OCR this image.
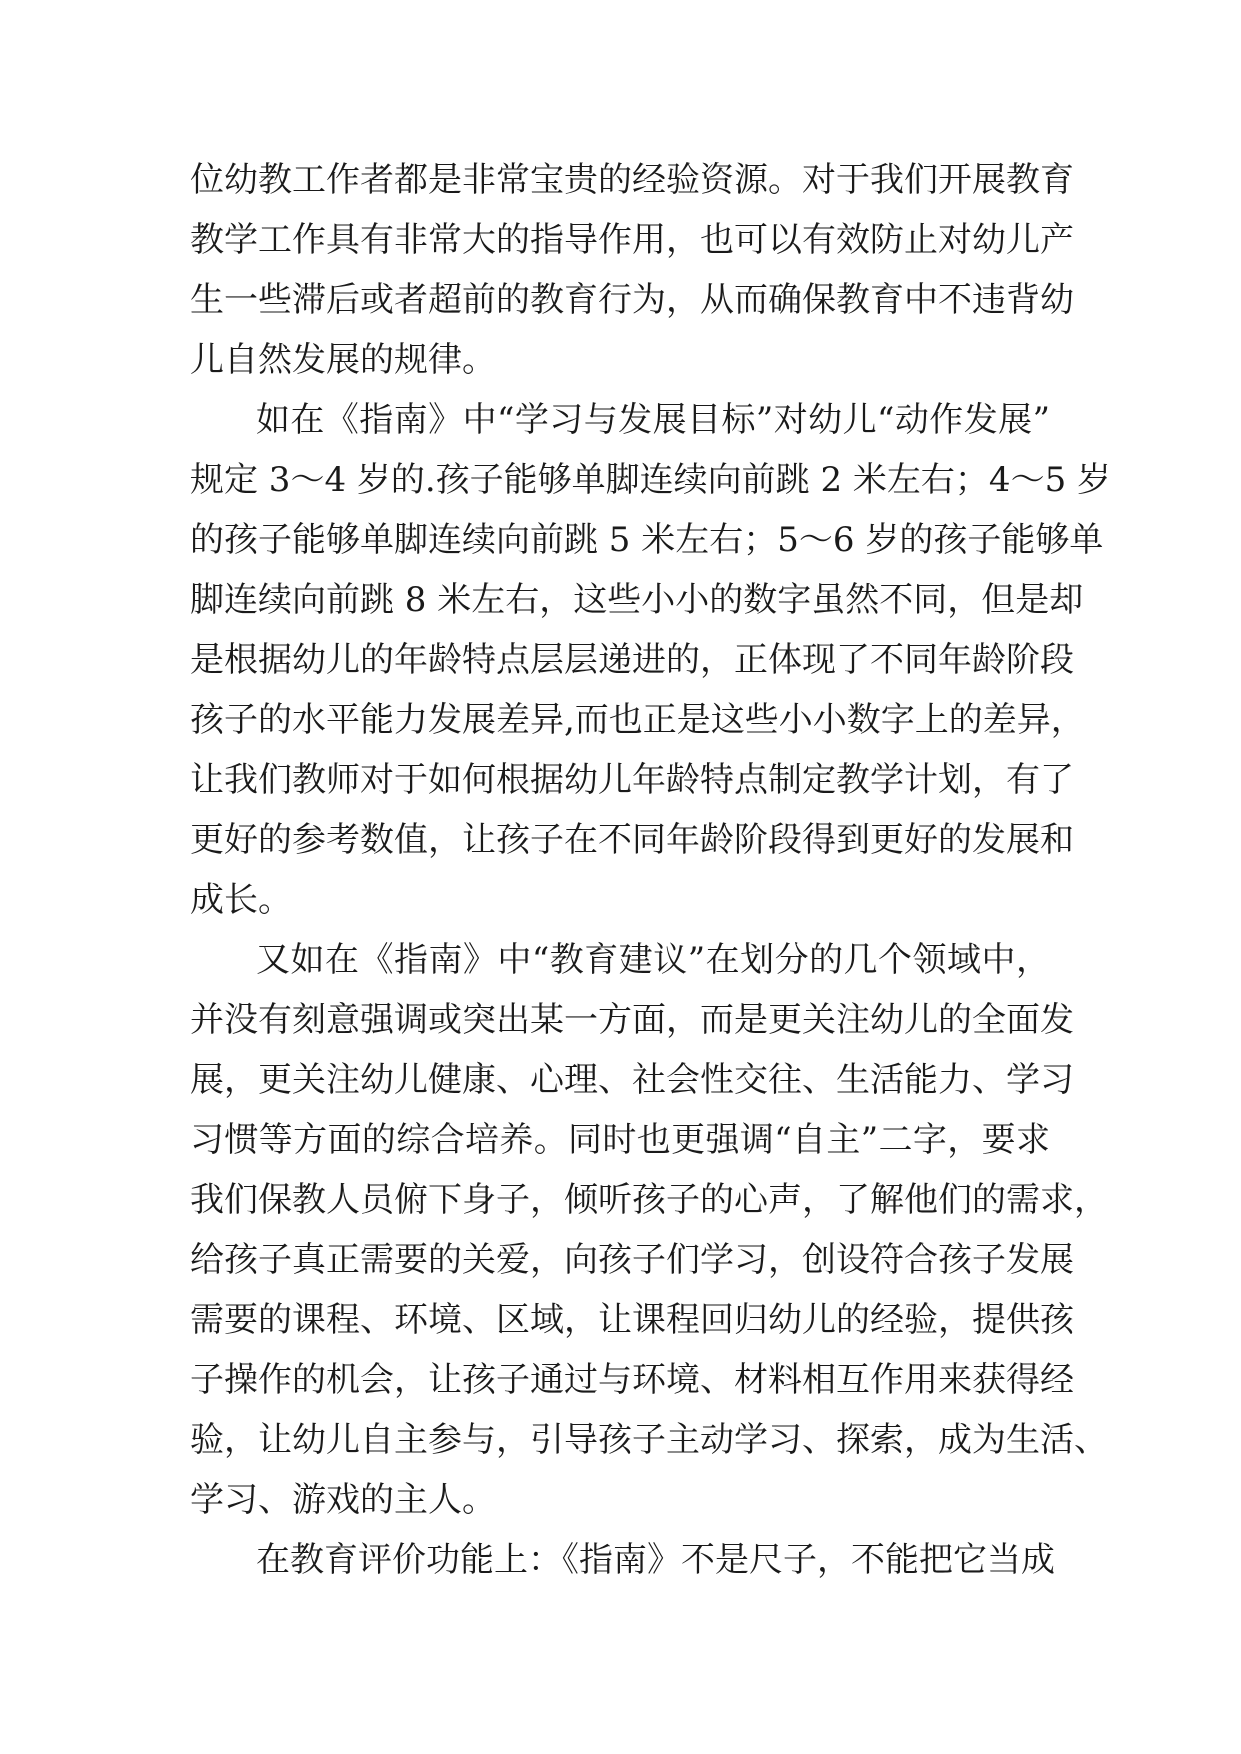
位幼教工作者都是非常宝贵的经验资源。对于我们开展教育
教学工作具有非常大的指导作用，也可以有效防止对幼儿产
生一些滞后或者超前的教育行为，从而确保教育中不违背幼
儿自然发展的规律。
如在《指南》中“学习与发展目标”对幼儿“动作发展”
规定 3～4 岁的.孩子能够单脚连续向前跳 2 米左右；4～5 岁
的孩子能够单脚连续向前跳 5 米左右；5～6 岁的孩子能够单
脚连续向前跳 8 米左右，这些小小的数字虽然不同，但是却
是根据幼儿的年龄特点层层递进的，正体现了不同年龄阶段
孩子的水平能力发展差异,而也正是这些小小数字上的差异，
让我们教师对于如何根据幼儿年龄特点制定教学计划，有了
更好的参考数值，让孩子在不同年龄阶段得到更好的发展和
成长。
又如在《指南》中“教育建议”在划分的几个领域中，
并没有刻意强调或突出某一方面，而是更关注幼儿的全面发
展，更关注幼儿健康、心理、社会性交往、生活能力、学习
习惯等方面的综合培养。同时也更强调“自主”二字，要求
我们保教人员俯下身子，倾听孩子的心声，了解他们的需求，
给孩子真正需要的关爱，向孩子们学习，创设符合孩子发展
需要的课程、环境、区域，让课程回归幼儿的经验，提供孩
子操作的机会，让孩子通过与环境、材料相互作用来获得经
验，让幼儿自主参与，引导孩子主动学习、探索，成为生活、
学习、游戏的主人。
在教育评价功能上：《指南》不是尺子，不能把它当成
